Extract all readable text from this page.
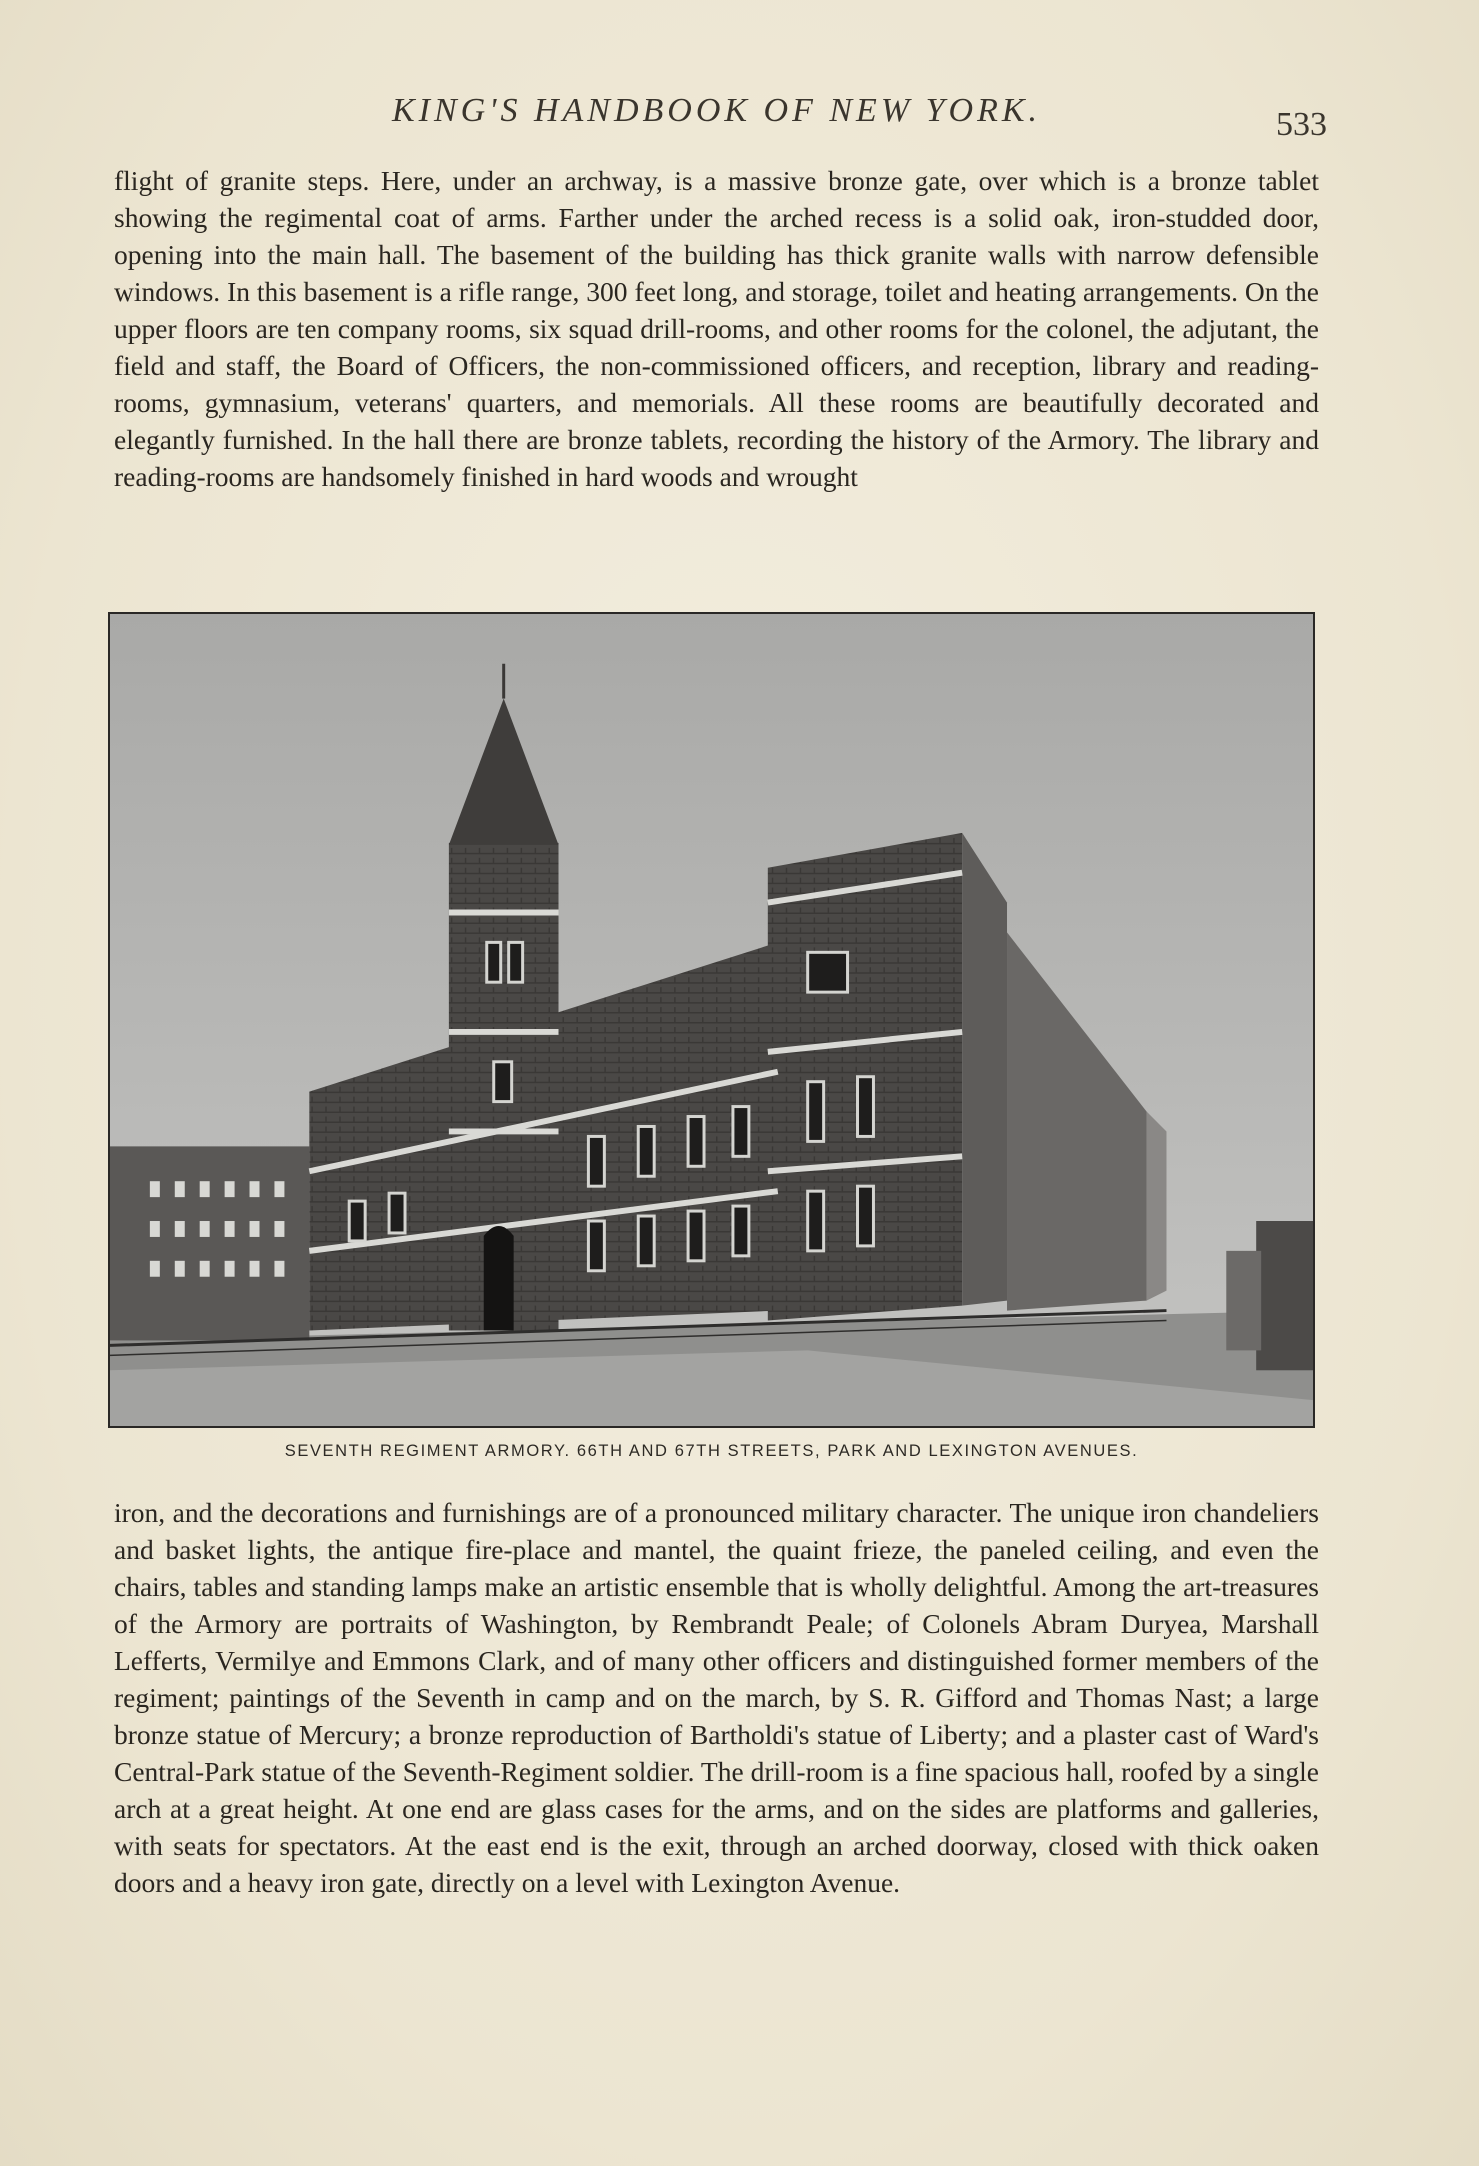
KING'S HANDBOOK OF NEW YORK.	533
flight of granite steps. Here, under an archway, is a massive bronze gate, over which is a bronze tablet showing the regimental coat of arms. Farther under the arched recess is a solid oak, iron-studded door, opening into the main hall. The basement of the building has thick granite walls with narrow defensible windows. In this basement is a rifle range, 300 feet long, and storage, toilet and heating arrangements. On the upper floors are ten company rooms, six squad drill-rooms, and other rooms for the colonel, the adjutant, the field and staff, the Board of Officers, the non-commissioned officers, and reception, library and reading-rooms, gymnasium, veterans' quarters, and memorials. All these rooms are beautifully decorated and elegantly furnished. In the hall there are bronze tablets, recording the history of the Armory. The library and reading-rooms are handsomely finished in hard woods and wrought
SEVENTH REGIMENT ARMORY. 66TH AND 67TH STREETS, PARK AND LEXINGTON AVENUES.
iron, and the decorations and furnishings are of a pronounced military character. The unique iron chandeliers and basket lights, the antique fire-place and mantel, the quaint frieze, the paneled ceiling, and even the chairs, tables and standing lamps make an artistic ensemble that is wholly delightful. Among the art-treasures of the Armory are portraits of Washington, by Rembrandt Peale; of Colonels Abram Duryea, Marshall Lefferts, Vermilye and Emmons Clark, and of many other officers and distinguished former members of the regiment; paintings of the Seventh in camp and on the march, by S. R. Gifford and Thomas Nast; a large bronze statue of Mercury; a bronze reproduction of Bartholdi's statue of Liberty; and a plaster cast of Ward's Central-Park statue of the Seventh-Regiment soldier. The drill-room is a fine spacious hall, roofed by a single arch at a great height. At one end are glass cases for the arms, and on the sides are platforms and galleries, with seats for spectators. At the east end is the exit, through an arched doorway, closed with thick oaken doors and a heavy iron gate, directly on a level with Lexington Avenue.
